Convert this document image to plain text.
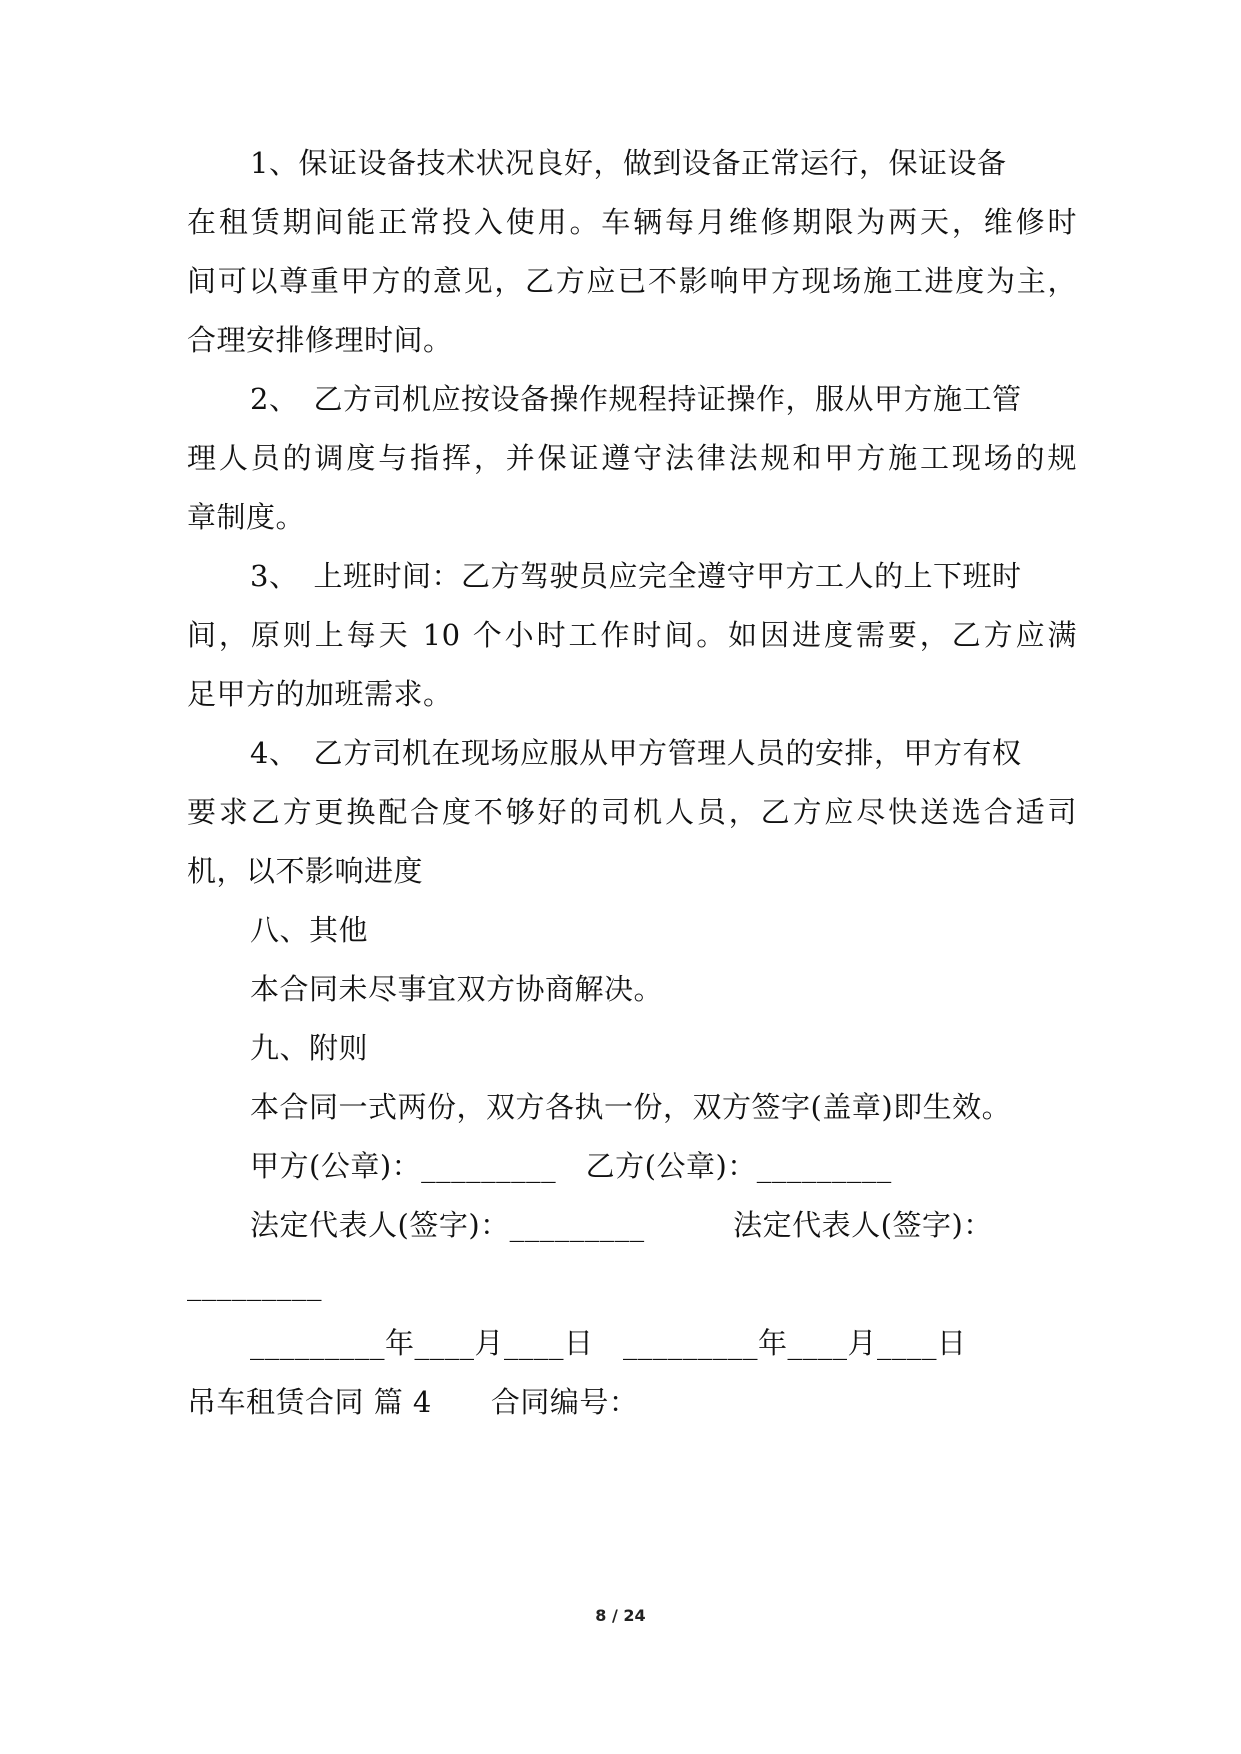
1、保证设备技术状况良好，做到设备正常运行，保证设备
在租赁期间能正常投入使用。车辆每月维修期限为两天，维修时
间可以尊重甲方的意见，乙方应已不影响甲方现场施工进度为主，
合理安排修理时间。
2、　乙方司机应按设备操作规程持证操作，服从甲方施工管
理人员的调度与指挥，并保证遵守法律法规和甲方施工现场的规
章制度。
3、　上班时间：乙方驾驶员应完全遵守甲方工人的上下班时
间，原则上每天 10 个小时工作时间。如因进度需要，乙方应满
足甲方的加班需求。
4、　乙方司机在现场应服从甲方管理人员的安排，甲方有权
要求乙方更换配合度不够好的司机人员，乙方应尽快送选合适司
机，以不影响进度
八、其他
本合同未尽事宜双方协商解决。
九、附则
本合同一式两份，双方各执一份，双方签字(盖章)即生效。
甲方(公章)：_________　乙方(公章)：_________
法定代表人(签字)：_________　　　法定代表人(签字)：
_________
_________年____月____日　_________年____月____日
吊车租赁合同 篇 4　　合同编号：
8 / 24
